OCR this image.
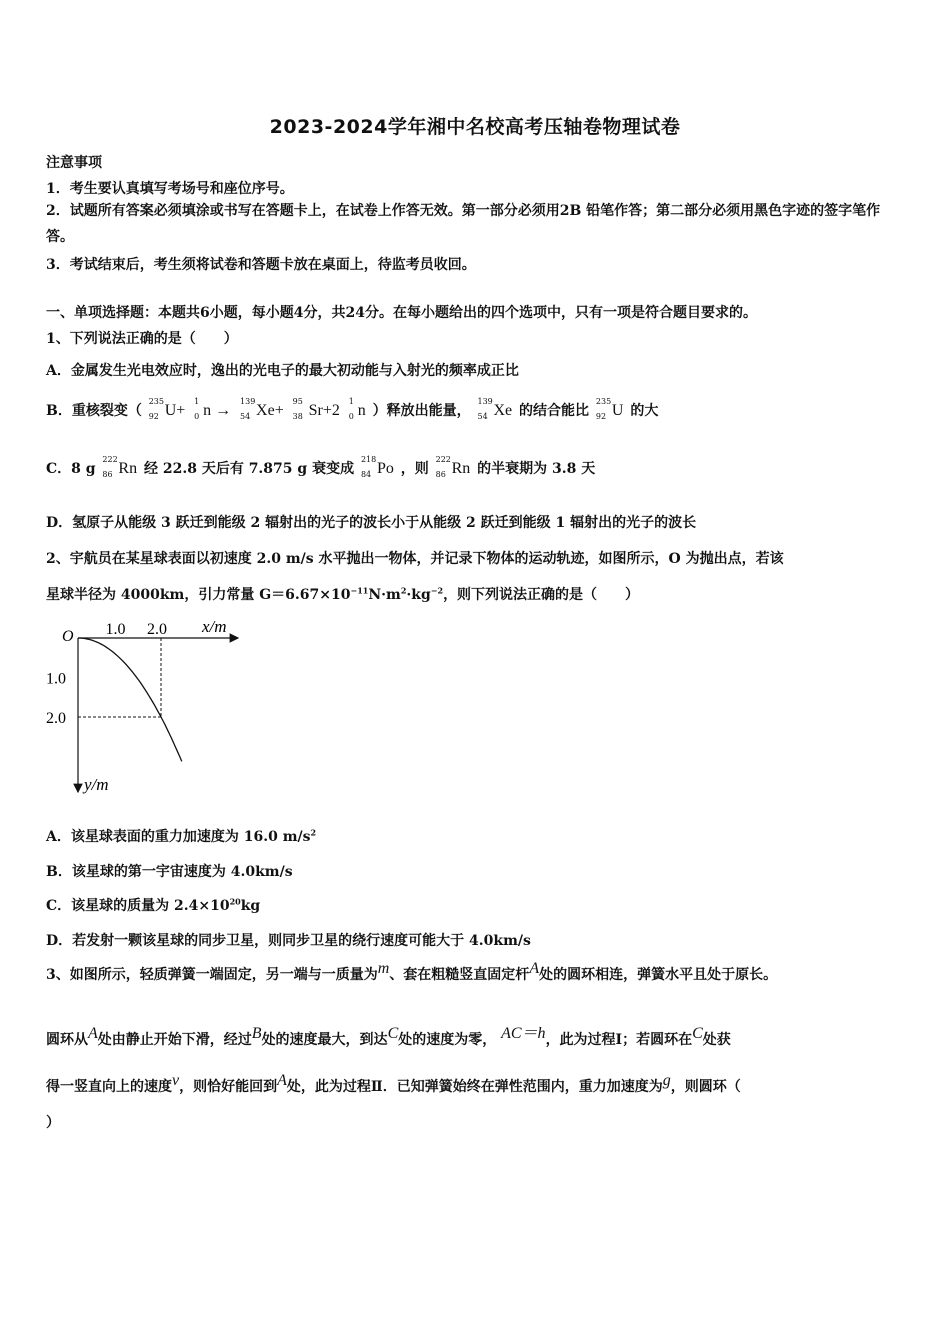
2023-2024学年湘中名校高考压轴卷物理试卷
注意事项
1．考生要认真填写考场号和座位序号。
2．试题所有答案必须填涂或书写在答题卡上，在试卷上作答无效。第一部分必须用2B 铅笔作答；第二部分必须用黑色字迹的签字笔作答。
3．考试结束后，考生须将试卷和答题卡放在桌面上，待监考员收回。
一、单项选择题：本题共6小题，每小题4分，共24分。在每小题给出的四个选项中，只有一项是符合题目要求的。
1、下列说法正确的是（　　）
A．金属发生光电效应时，逸出的光电子的最大初动能与入射光的频率成正比
B．重核裂变（
235
92 U+
1
0 n →
139
54 Xe+
95
38 Sr+2
1
0 n ）释放出能量，
139
54 Xe 的结合能比
235
92 U 的大
C．8 g
222
86 Rn 经 22.8 天后有 7.875 g 衰变成
218
84 Po ，则
222
86 Rn 的半衰期为 3.8 天
D．氢原子从能级 3 跃迁到能级 2 辐射出的光子的波长小于从能级 2 跃迁到能级 1 辐射出的光子的波长
2、宇航员在某星球表面以初速度 2.0 m/s 水平抛出一物体，并记录下物体的运动轨迹，如图所示，O 为抛出点，若该
星球半径为 4000km，引力常量 $G=6.67\times 10^{-11}N\cdot m^2\cdot kg^{-2}$，则下列说法正确的是（　　）
O
x/m
y/m
1.0 2.0
1.0
2.0
A．该星球表面的重力加速度为 16.0 $m/s^2$
B．该星球的第一宇宙速度为 4.0km/s
C．该星球的质量为 $2.4\times 10^{20}kg$
D．若发射一颗该星球的同步卫星，则同步卫星的绕行速度可能大于 4.0km/s
3、如图所示，轻质弹簧一端固定，另一端与一质量为m、套在粗糙竖直固定杆A处的圆环相连，弹簧水平且处于原长。
圆环从A处由静止开始下滑，经过B处的速度最大，到达C处的速度为零， AC＝h，此为过程Ⅰ；若圆环在C处获
得一竖直向上的速度v，则恰好能回到A处，此为过程Ⅱ．已知弹簧始终在弹性范围内，重力加速度为g，则圆环（
）
